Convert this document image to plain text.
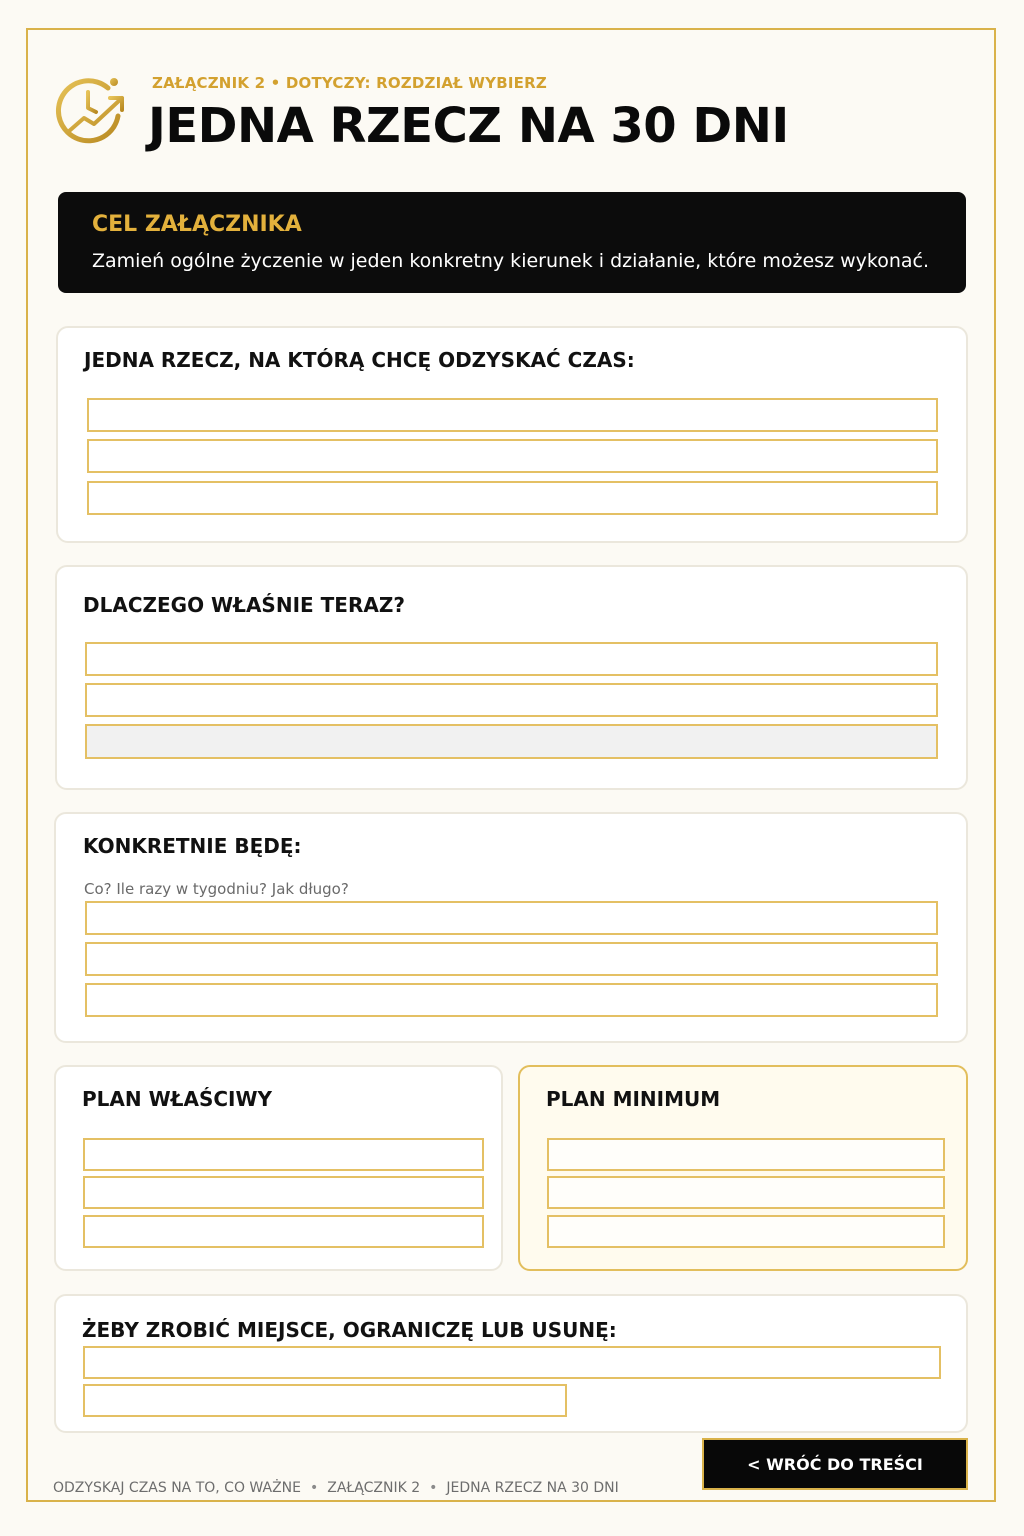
ZAŁĄCZNIK 2 • DOTYCZY: ROZDZIAŁ WYBIERZ
JEDNA RZECZ NA 30 DNI
CEL ZAŁĄCZNIKA
Zamień ogólne życzenie w jeden konkretny kierunek i działanie, które możesz wykonać.
JEDNA RZECZ, NA KTÓRĄ CHCĘ ODZYSKAĆ CZAS:
DLACZEGO WŁAŚNIE TERAZ?
KONKRETNIE BĘDĘ:
Co? Ile razy w tygodniu? Jak długo?
PLAN WŁAŚCIWY	PLAN MINIMUM
ŻEBY ZROBIĆ MIEJSCE, OGRANICZĘ LUB USUNĘ:
ODZYSKAJ CZAS NA TO, CO WAŻNE • ZAŁĄCZNIK 2 • JEDNA RZECZ NA 30 DNI
< WRÓĆ DO TREŚCI
